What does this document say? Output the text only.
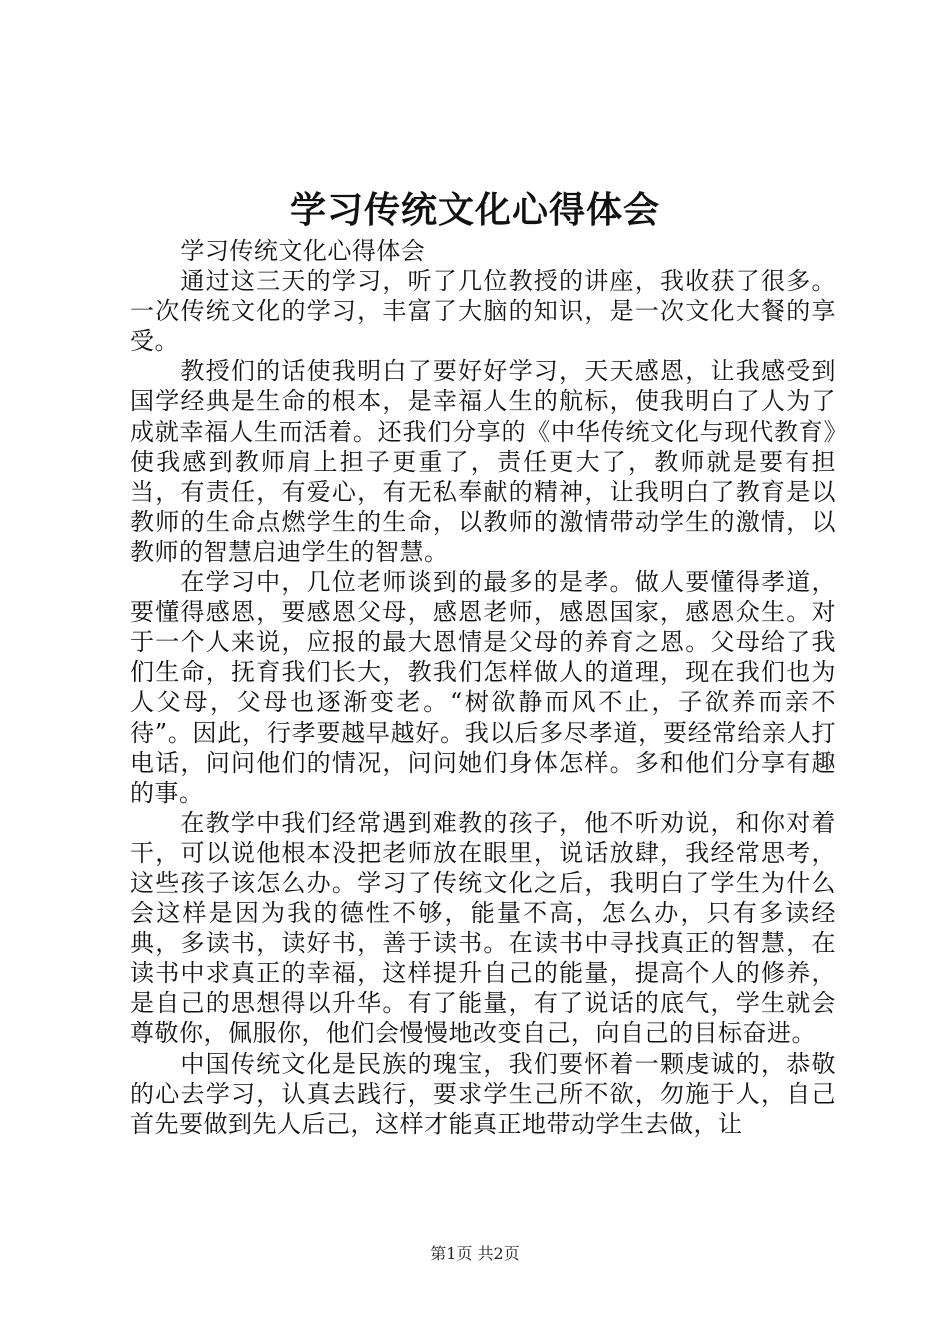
学习传统文化心得体会

学习传统文化心得体会

通过这三天的学习，听了几位教授的讲座，我收获了很多。一次传统文化的学习，丰富了大脑的知识，是一次文化大餐的享受。

教授们的话使我明白了要好好学习，天天感恩，让我感受到国学经典是生命的根本，是幸福人生的航标，使我明白了人为了成就幸福人生而活着。还我们分享的《中华传统文化与现代教育》使我感到教师肩上担子更重了，责任更大了，教师就是要有担当，有责任，有爱心，有无私奉献的精神，让我明白了教育是以教师的生命点燃学生的生命，以教师的激情带动学生的激情，以教师的智慧启迪学生的智慧。

在学习中，几位老师谈到的最多的是孝。做人要懂得孝道，要懂得感恩，要感恩父母，感恩老师，感恩国家，感恩众生。对于一个人来说，应报的最大恩情是父母的养育之恩。父母给了我们生命，抚育我们长大，教我们怎样做人的道理，现在我们也为人父母，父母也逐渐变老。“树欲静而风不止，子欲养而亲不待”。因此，行孝要越早越好。我以后多尽孝道，要经常给亲人打电话，问问他们的情况，问问她们身体怎样。多和他们分享有趣的事。

在教学中我们经常遇到难教的孩子，他不听劝说，和你对着干，可以说他根本没把老师放在眼里，说话放肆，我经常思考，这些孩子该怎么办。学习了传统文化之后，我明白了学生为什么会这样是因为我的德性不够，能量不高，怎么办，只有多读经典，多读书，读好书，善于读书。在读书中寻找真正的智慧，在读书中求真正的幸福，这样提升自己的能量，提高个人的修养，是自己的思想得以升华。有了能量，有了说话的底气，学生就会尊敬你，佩服你，他们会慢慢地改变自己，向自己的目标奋进。

中国传统文化是民族的瑰宝，我们要怀着一颗虔诚的，恭敬的心去学习，认真去践行，要求学生己所不欲，勿施于人，自己首先要做到先人后己，这样才能真正地带动学生去做，让

第1页 共2页
